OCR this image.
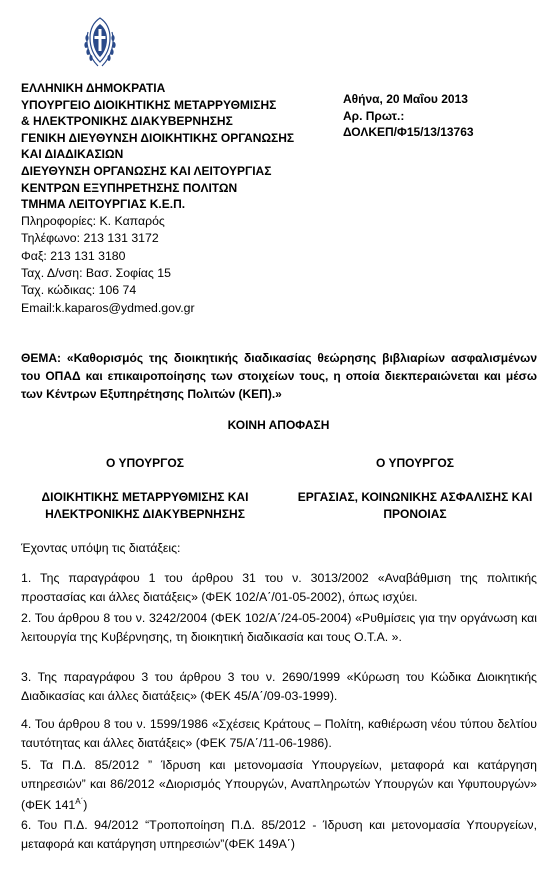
ΕΛΛΗΝΙΚΗ ΔΗΜΟΚΡΑΤΙΑ
ΥΠΟΥΡΓΕΙΟ ΔΙΟΙΚΗΤΙΚΗΣ ΜΕΤΑΡΡΥΘΜΙΣΗΣ
& ΗΛΕΚΤΡΟΝΙΚΗΣ ΔΙΑΚΥΒΕΡΝΗΣΗΣ
ΓΕΝΙΚΗ ΔΙΕΥΘΥΝΣΗ ΔΙΟΙΚΗΤΙΚΗΣ ΟΡΓΑΝΩΣΗΣ
ΚΑΙ ΔΙΑΔΙΚΑΣΙΩΝ
ΔΙΕΥΘΥΝΣΗ ΟΡΓΑΝΩΣΗΣ ΚΑΙ ΛΕΙΤΟΥΡΓΙΑΣ
ΚΕΝΤΡΩΝ ΕΞΥΠΗΡΕΤΗΣΗΣ ΠΟΛΙΤΩΝ
ΤΜΗΜΑ ΛΕΙΤΟΥΡΓΙΑΣ Κ.Ε.Π.
Πληροφορίες: Κ. Καπαρός
Τηλέφωνο: 213 131 3172
Φαξ: 213 131 3180
Ταχ. Δ/νση: Βασ. Σοφίας 15
Ταχ. κώδικας: 106 74
Email:k.kaparos@ydmed.gov.gr
Αθήνα, 20 Μαΐου 2013
Αρ. Πρωτ.:
ΔΟΛΚΕΠ/Φ15/13/13763
ΘΕΜΑ: «Καθορισμός της διοικητικής διαδικασίας θεώρησης βιβλιαρίων ασφαλισμένων του ΟΠΑΔ και επικαιροποίησης των στοιχείων τους, η οποία διεκπεραιώνεται και μέσω των Κέντρων Εξυπηρέτησης Πολιτών (ΚΕΠ).»
ΚΟΙΝΗ ΑΠΟΦΑΣΗ
Ο ΥΠΟΥΡΓΟΣ	Ο ΥΠΟΥΡΓΟΣ
ΔΙΟΙΚΗΤΙΚΗΣ ΜΕΤΑΡΡΥΘΜΙΣΗΣ ΚΑΙ ΗΛΕΚΤΡΟΝΙΚΗΣ ΔΙΑΚΥΒΕΡΝΗΣΗΣ
ΕΡΓΑΣΙΑΣ, ΚΟΙΝΩΝΙΚΗΣ ΑΣΦΑΛΙΣΗΣ ΚΑΙ ΠΡΟΝΟΙΑΣ
Έχοντας υπόψη τις διατάξεις:
1. Της παραγράφου 1 του άρθρου 31 του ν. 3013/2002 «Αναβάθμιση της πολιτικής προστασίας και άλλες διατάξεις» (ΦΕΚ 102/Α΄/01-05-2002), όπως ισχύει.
2. Του άρθρου 8 του ν. 3242/2004 (ΦΕΚ 102/Α΄/24-05-2004) «Ρυθμίσεις για την οργάνωση και λειτουργία της Κυβέρνησης, τη διοικητική διαδικασία και τους Ο.Τ.Α. ».
3. Της παραγράφου 3 του άρθρου 3 του ν. 2690/1999 «Κύρωση του Κώδικα Διοικητικής Διαδικασίας και άλλες διατάξεις» (ΦΕΚ 45/Α΄/09-03-1999).
4. Του άρθρου 8 του ν. 1599/1986 «Σχέσεις Κράτους – Πολίτη, καθιέρωση νέου τύπου δελτίου ταυτότητας και άλλες διατάξεις» (ΦΕΚ 75/Α΄/11-06-1986).
5. Τα Π.Δ. 85/2012 ” Ίδρυση και μετονομασία Υπουργείων, μεταφορά και κατάργηση υπηρεσιών” και 86/2012 «Διορισμός Υπουργών, Αναπληρωτών Υπουργών και Υφυπουργών» (ΦΕΚ $141^{A΄}$)
6. Του Π.Δ. 94/2012 “Τροποποίηση Π.Δ. 85/2012 - Ίδρυση και μετονομασία Υπουργείων, μεταφορά και κατάργηση υπηρεσιών”(ΦΕΚ 149Α΄)
